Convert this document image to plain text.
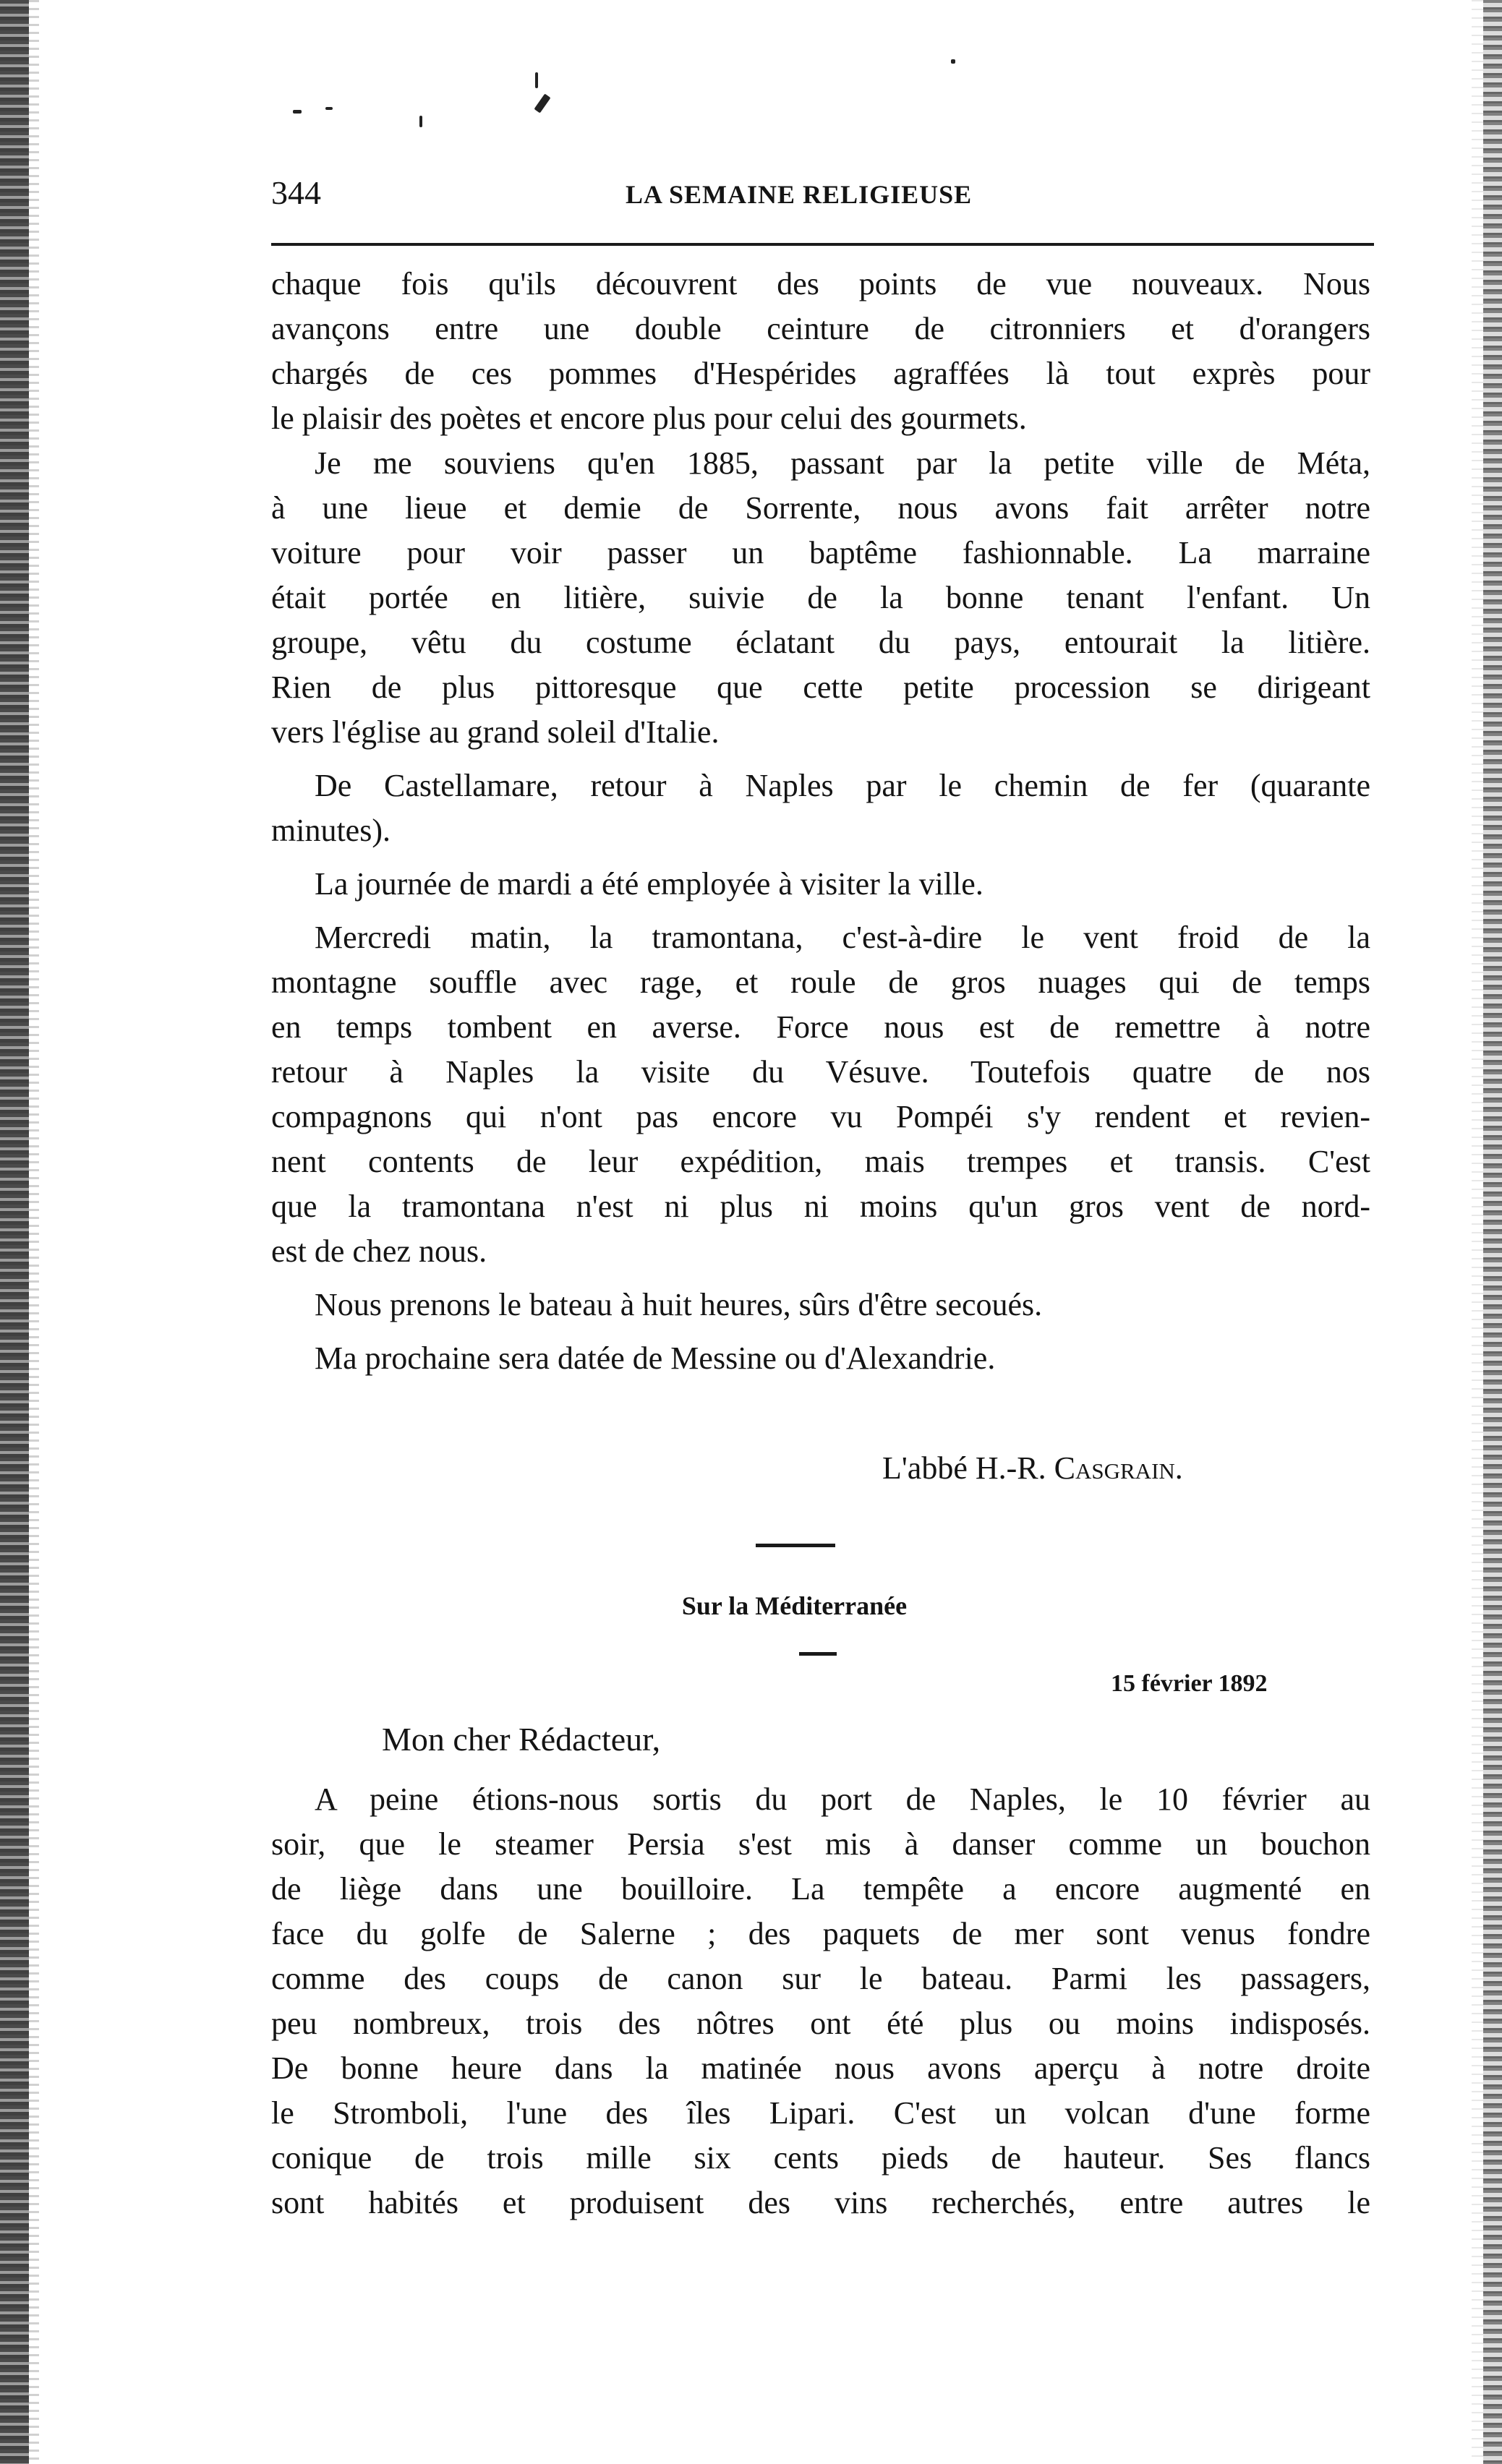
344	LA SEMAINE RELIGIEUSE
chaque fois qu'ils découvrent des points de vue nouveaux. Nous
avançons entre une double ceinture de citronniers et d'orangers
chargés de ces pommes d'Hespérides agraffées là tout exprès pour
le plaisir des poètes et encore plus pour celui des gourmets.
Je me souviens qu'en 1885, passant par la petite ville de Méta,
à une lieue et demie de Sorrente, nous avons fait arrêter notre
voiture pour voir passer un baptême fashionnable. La marraine
était portée en litière, suivie de la bonne tenant l'enfant. Un
groupe, vêtu du costume éclatant du pays, entourait la litière.
Rien de plus pittoresque que cette petite procession se dirigeant
vers l'église au grand soleil d'Italie.
De Castellamare, retour à Naples par le chemin de fer (quarante
minutes).
La journée de mardi a été employée à visiter la ville.
Mercredi matin, la tramontana, c'est-à-dire le vent froid de la
montagne souffle avec rage, et roule de gros nuages qui de temps
en temps tombent en averse. Force nous est de remettre à notre
retour à Naples la visite du Vésuve. Toutefois quatre de nos
compagnons qui n'ont pas encore vu Pompéi s'y rendent et revien-
nent contents de leur expédition, mais trempes et transis. C'est
que la tramontana n'est ni plus ni moins qu'un gros vent de nord-
est de chez nous.
Nous prenons le bateau à huit heures, sûrs d'être secoués.
Ma prochaine sera datée de Messine ou d'Alexandrie.
L'abbé H.-R. Casgrain.
Sur la Méditerranée
15 février 1892
Mon cher Rédacteur,
A peine étions-nous sortis du port de Naples, le 10 février au
soir, que le steamer Persia s'est mis à danser comme un bouchon
de liège dans une bouilloire. La tempête a encore augmenté en
face du golfe de Salerne ; des paquets de mer sont venus fondre
comme des coups de canon sur le bateau. Parmi les passagers,
peu nombreux, trois des nôtres ont été plus ou moins indisposés.
De bonne heure dans la matinée nous avons aperçu à notre droite
le Stromboli, l'une des îles Lipari. C'est un volcan d'une forme
conique de trois mille six cents pieds de hauteur. Ses flancs
sont habités et produisent des vins recherchés, entre autres le
